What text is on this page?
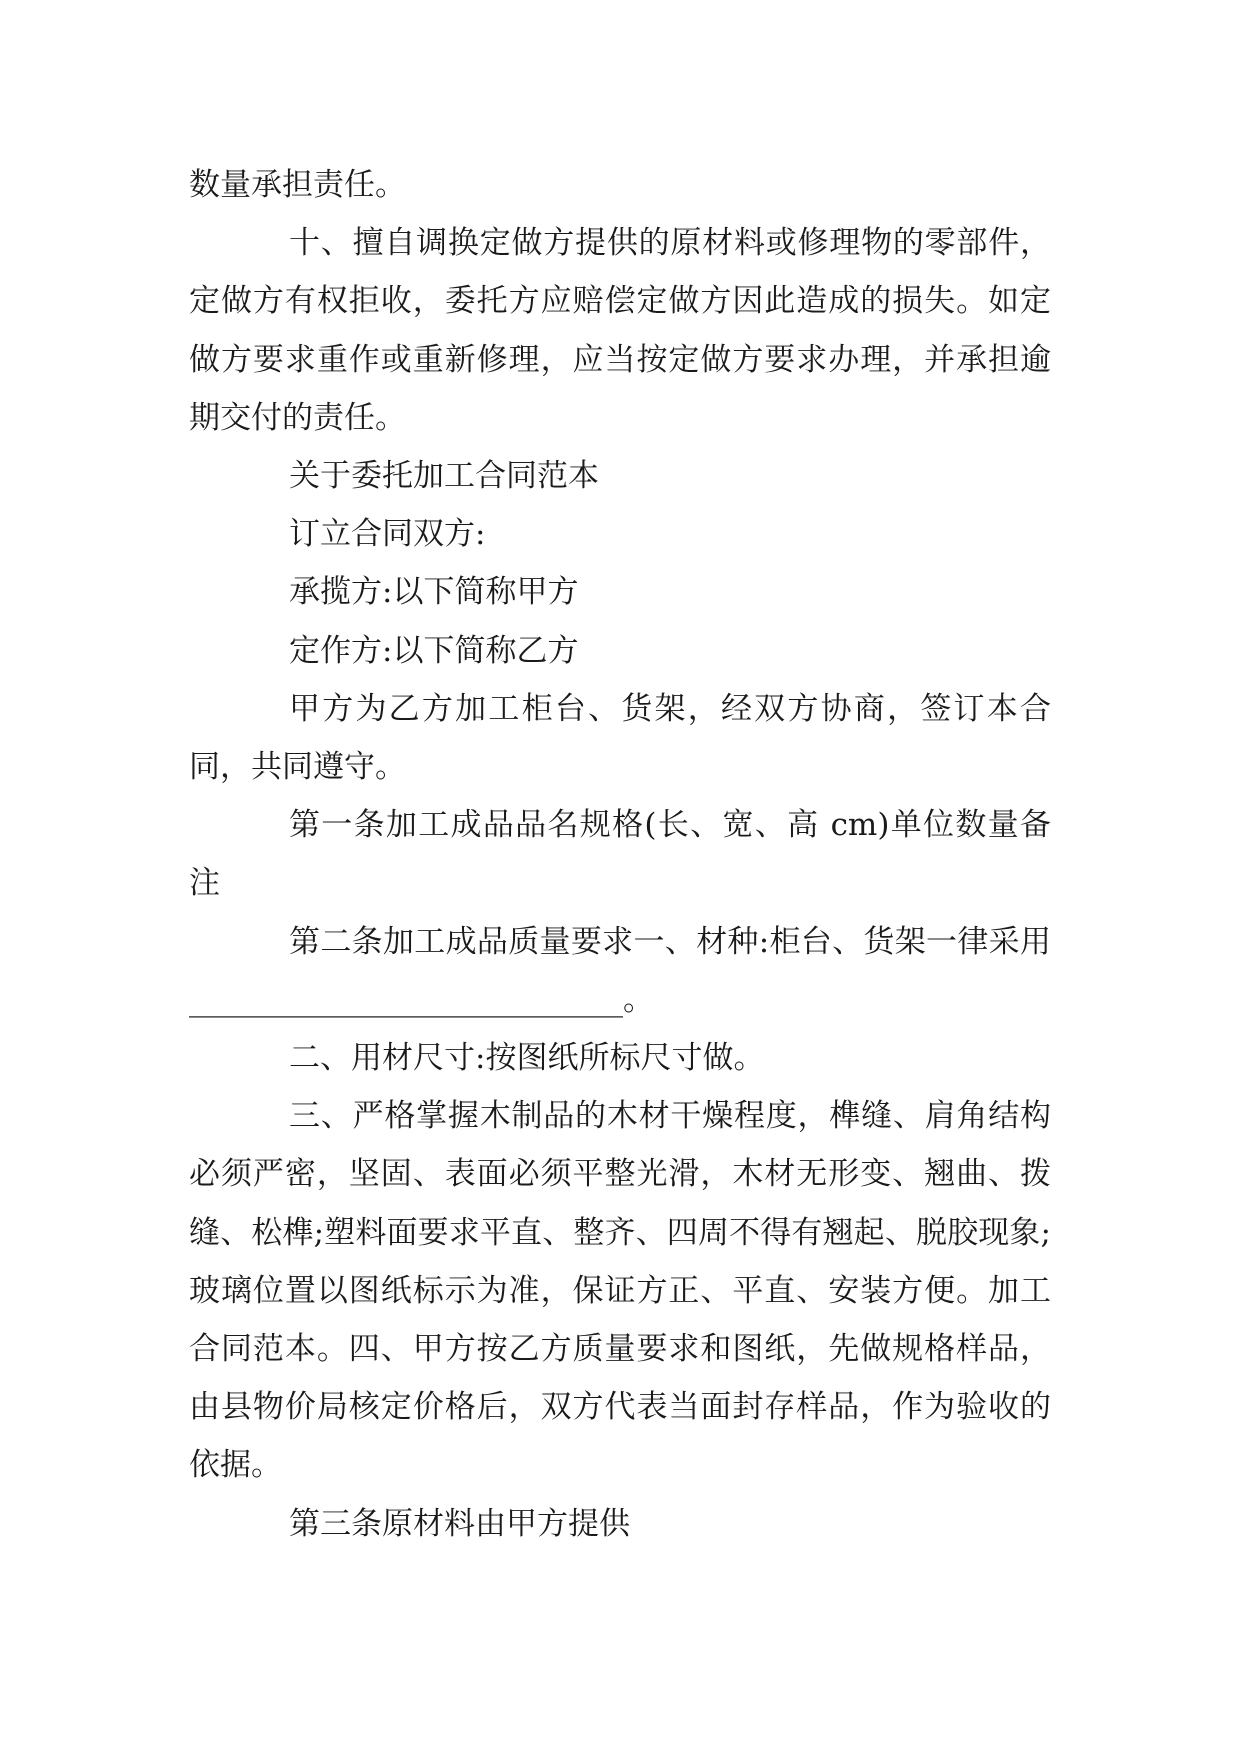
数量承担责任。

十、擅自调换定做方提供的原材料或修理物的零部件，定做方有权拒收，委托方应赔偿定做方因此造成的损失。如定做方要求重作或重新修理，应当按定做方要求办理，并承担逾期交付的责任。

关于委托加工合同范本

订立合同双方:

承揽方:以下简称甲方

定作方:以下简称乙方

甲方为乙方加工柜台、货架，经双方协商，签订本合同，共同遵守。

第一条加工成品品名规格(长、宽、高 cm)单位数量备注

第二条加工成品质量要求一、材种:柜台、货架一律采用____________________________。

二、用材尺寸:按图纸所标尺寸做。

三、严格掌握木制品的木材干燥程度，榫缝、肩角结构必须严密，坚固、表面必须平整光滑，木材无形变、翘曲、拨缝、松榫;塑料面要求平直、整齐、四周不得有翘起、脱胶现象;玻璃位置以图纸标示为准，保证方正、平直、安装方便。加工合同范本。四、甲方按乙方质量要求和图纸，先做规格样品，由县物价局核定价格后，双方代表当面封存样品，作为验收的依据。

第三条原材料由甲方提供
